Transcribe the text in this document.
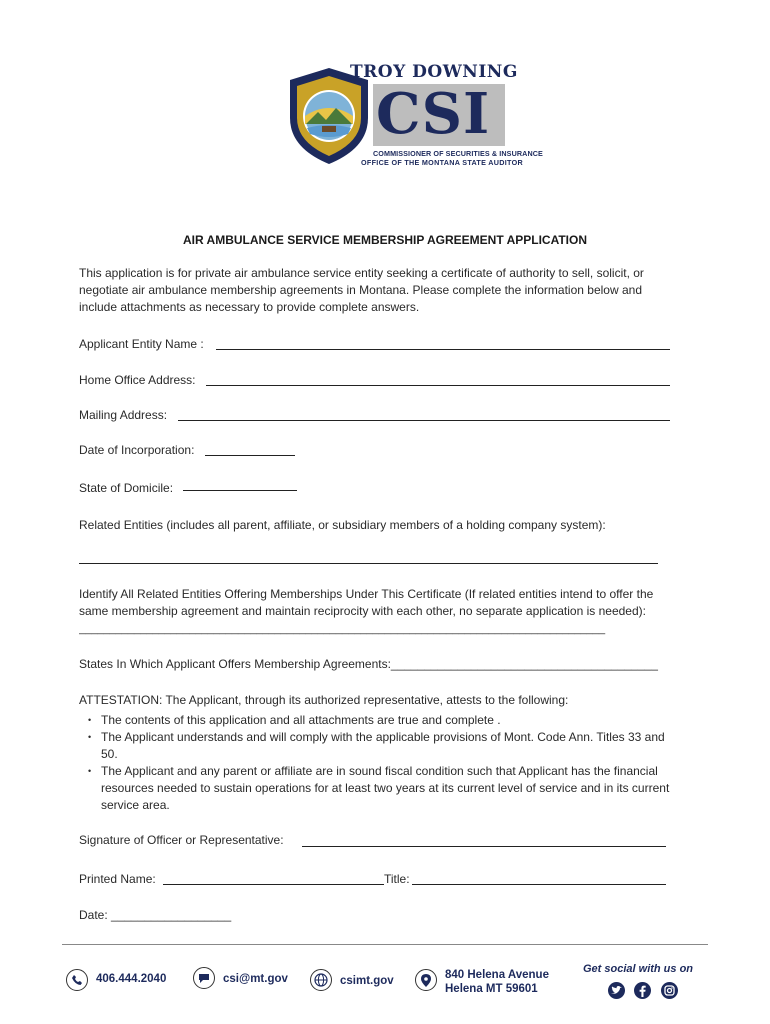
TROY DOWNING
CSI
COMMISSIONER OF SECURITIES & INSURANCE
OFFICE OF THE MONTANA STATE AUDITOR
AIR AMBULANCE SERVICE MEMBERSHIP AGREEMENT APPLICATION
This application is for private air ambulance service entity seeking a certificate of authority to sell, solicit, or
negotiate air ambulance membership agreements in Montana. Please complete the information below and
include attachments as necessary to provide complete answers.
Applicant Entity Name :
Home Office Address:
Mailing Address:
Date of Incorporation:
State of Domicile:
Related Entities (includes all parent, affiliate, or subsidiary members of a holding company system):
Identify All Related Entities Offering Memberships Under This Certificate (If related entities intend to offer the
same membership agreement and maintain reciprocity with each other, no separate application is needed):
______________________________________________________________________________________
States In Which Applicant Offers Membership Agreements:________________________________________
ATTESTATION: The Applicant, through its authorized representative, attests to the following:
• The contents of this application and all attachments are true and complete .
• The Applicant understands and will comply with the applicable provisions of Mont. Code Ann. Titles 33 and 50.
• The Applicant and any parent or affiliate are in sound fiscal condition such that Applicant has the financial resources needed to sustain operations for at least two years at its current level of service and in its current service area.
Signature of Officer or Representative:
Printed Name:	Title:
Date: __________________
406.444.2040	csi@mt.gov	csimt.gov	840 Helena Avenue
Helena MT 59601
Get social with us on
